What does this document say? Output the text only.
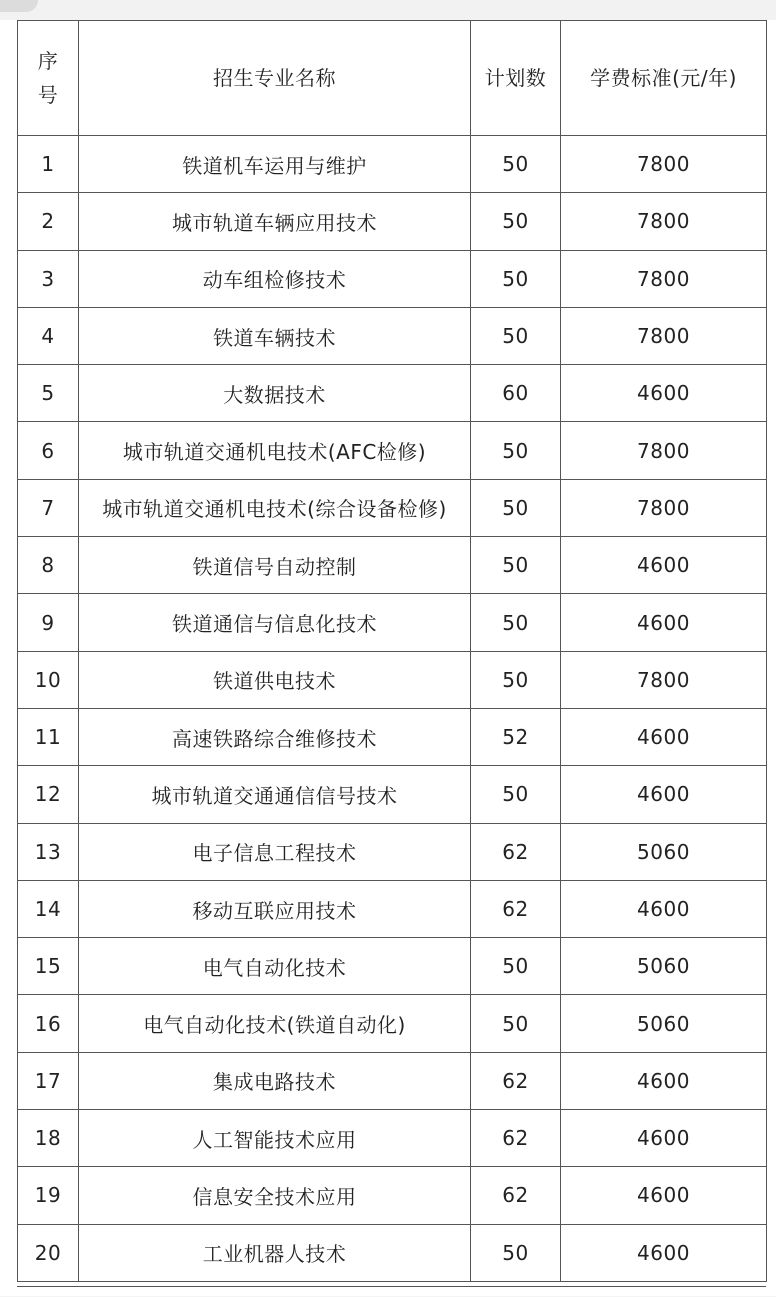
序
号	招生专业名称	计划数	学费标准(元/年)
1	铁道机车运用与维护	50	7800
2	城市轨道车辆应用技术	50	7800
3	动车组检修技术	50	7800
4	铁道车辆技术	50	7800
5	大数据技术	60	4600
6	城市轨道交通机电技术(AFC检修)	50	7800
7	城市轨道交通机电技术(综合设备检修)	50	7800
8	铁道信号自动控制	50	4600
9	铁道通信与信息化技术	50	4600
10	铁道供电技术	50	7800
11	高速铁路综合维修技术	52	4600
12	城市轨道交通通信信号技术	50	4600
13	电子信息工程技术	62	5060
14	移动互联应用技术	62	4600
15	电气自动化技术	50	5060
16	电气自动化技术(铁道自动化)	50	5060
17	集成电路技术	62	4600
18	人工智能技术应用	62	4600
19	信息安全技术应用	62	4600
20	工业机器人技术	50	4600
